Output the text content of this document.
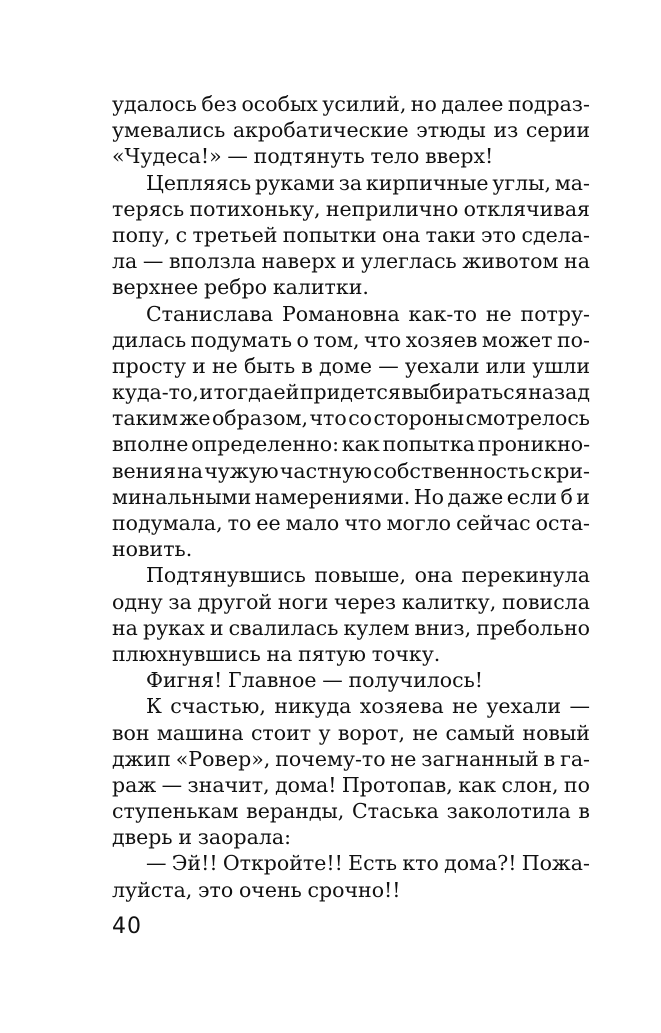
удалось без особых усилий, но далее подраз-
умевались акробатические этюды из серии
«Чудеса!» — подтянуть тело вверх!
Цепляясь руками за кирпичные углы, ма-
терясь потихоньку, неприлично отклячивая
попу, с третьей попытки она таки это сдела-
ла — вползла наверх и улеглась животом на
верхнее ребро калитки.
Станислава Романовна как-то не потру-
дилась подумать о том, что хозяев может по-
просту и не быть в доме — уехали или ушли
куда-то, и тогда ей придется выбираться назад
таким же образом, что со стороны смотрелось
вполне определенно: как попытка проникно-
вения на чужую частную собственность с кри-
минальными намерениями. Но даже если б и
подумала, то ее мало что могло сейчас оста-
новить.
Подтянувшись повыше, она перекинула
одну за другой ноги через калитку, повисла
на руках и свалилась кулем вниз, пребольно
плюхнувшись на пятую точку.
Фигня! Главное — получилось!
К счастью, никуда хозяева не уехали —
вон машина стоит у ворот, не самый новый
джип «Ровер», почему-то не загнанный в га-
раж — значит, дома! Протопав, как слон, по
ступенькам веранды, Стаська заколотила в
дверь и заорала:
— Эй!! Откройте!! Есть кто дома?! Пожа-
луйста, это очень срочно!!
40
